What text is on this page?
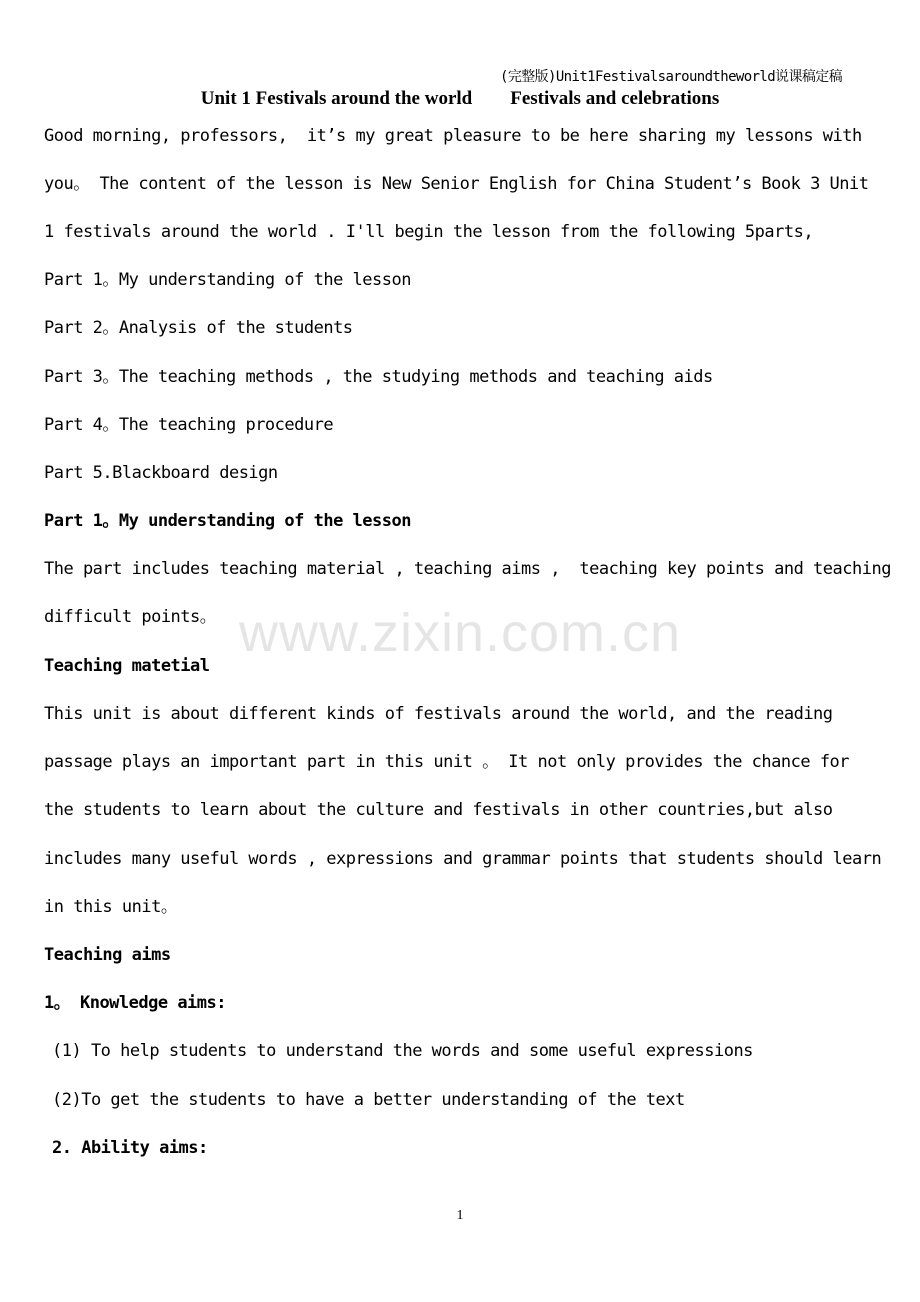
(完整版)Unit1Festivalsaroundtheworld说课稿定稿
Unit 1 Festivals around the world        Festivals and celebrations
Good morning, professors,  it’s my great pleasure to be here sharing my lessons with
you。 The content of the lesson is New Senior English for China Student’s Book 3 Unit
1 festivals around the world . I'll begin the lesson from the following 5parts,
Part 1。My understanding of the lesson
Part 2。Analysis of the students
Part 3。The teaching methods , the studying methods and teaching aids
Part 4。The teaching procedure
Part 5.Blackboard design
Part 1。My understanding of the lesson
The part includes teaching material , teaching aims ,  teaching key points and teaching
difficult points。
Teaching matetial
This unit is about different kinds of festivals around the world, and the reading
passage plays an important part in this unit 。 It not only provides the chance for
the students to learn about the culture and festivals in other countries,but also
includes many useful words , expressions and grammar points that students should learn
in this unit。
Teaching aims
1。 Knowledge aims:
(1) To help students to understand the words and some useful expressions
(2)To get the students to have a better understanding of the text
2. Ability aims:
www.zixin.com.cn
1
